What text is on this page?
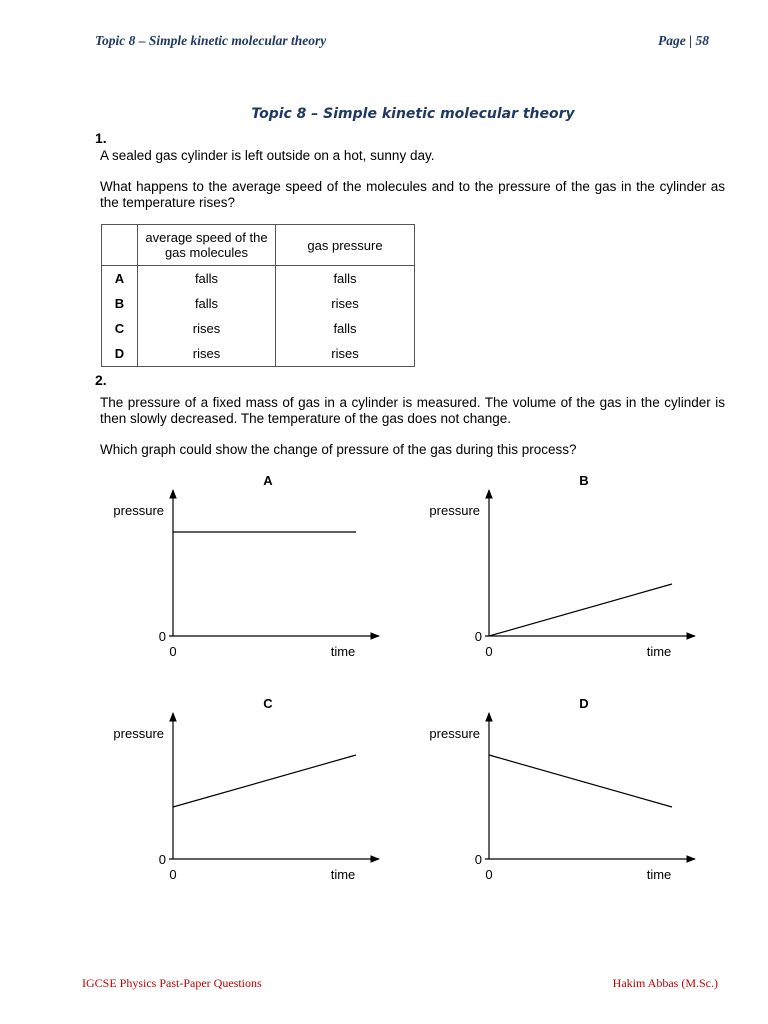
Topic 8 – Simple kinetic molecular theory	Page | 58
Topic 8 – Simple kinetic molecular theory
1.
A sealed gas cylinder is left outside on a hot, sunny day.
What happens to the average speed of the molecules and to the pressure of the gas in the cylinder as the temperature rises?
	average speed of the gas molecules	gas pressure
A	falls	falls
B	falls	rises
C	rises	falls
D	rises	rises
2.
The pressure of a fixed mass of gas in a cylinder is measured. The volume of the gas in the cylinder is then slowly decreased. The temperature of the gas does not change.
Which graph could show the change of pressure of the gas during this process?
A
pressure
time
0
0
B
pressure
time
0
0
C
pressure
time
0
0
D
pressure
time
0
0
IGCSE Physics Past-Paper Questions	Hakim Abbas (M.Sc.)
